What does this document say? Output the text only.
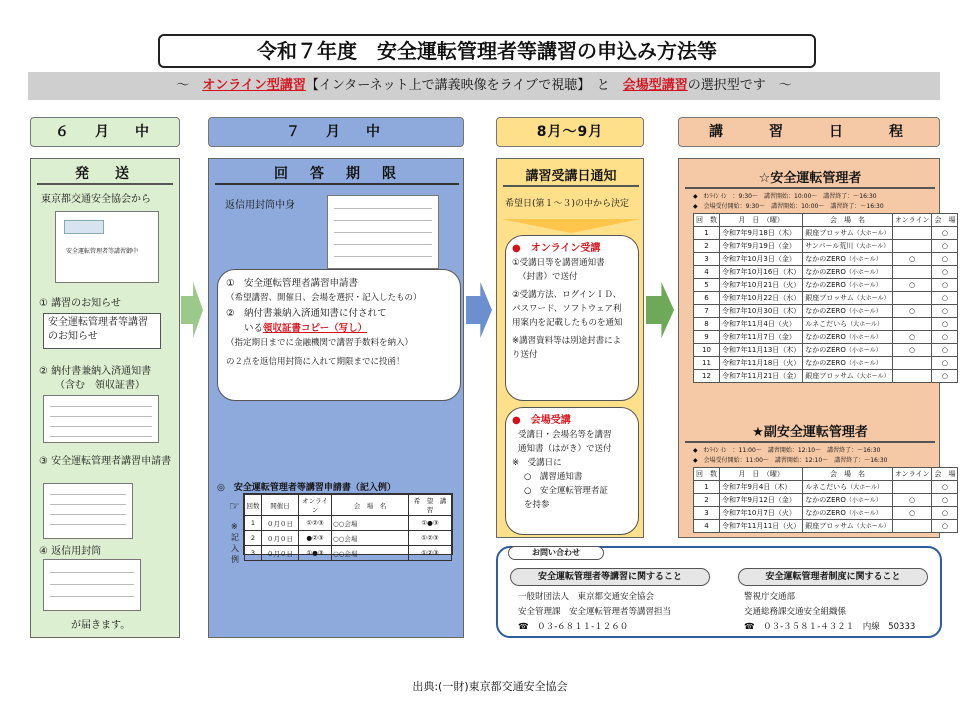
令和７年度　安全運転管理者等講習の申込み方法等
～　オンライン型講習【インターネット上で講義映像をライブで視聴】　と　会場型講習の選択型です　～
６　月　中	７　月　中	8月～9月	講　　習　　日　　程
発　送
東京都交通安全協会から
安全運転管理者等講習御中
① 講習のお知らせ
安全運転管理者等講習のお知らせ
② 納付書兼納入済通知書
（含む　領収証書）
③ 安全運転管理者講習申請書
④ 返信用封筒
が届きます。
回　答　期　限
返信用封筒中身
①　 安全運転管理者講習申請書
（希望講習、開催日、会場を選択・記入したもの）
②　 納付書兼納入済通知書に付されて
いる領収証書コピー（写し）
（指定期日までに金融機関で講習手数料を納入）
の２点を返信用封筒に入れて期限までに投函！
◎　安全運転管理者等講習申請書（記入例）
☞
※記入例
回数	開催日	オンライン	会　場　名	希　望　講　習
1	０月０日	①②③	○○会場	①●③
2	０月０日	●②③	○○会場	①②③
3	０月０日	①●③	○○会場	①②③
講習受講日通知
希望日(第１～３)の中から決定
●　オンライン受講
①受講日等を講習通知書
（封書）で送付
②受講方法、ログインＩＤ、
パスワード、ソフトウェア利
用案内を記載したものを通知
※講習資料等は別途封書によ
り送付
●　会場受講
受講日・会場名等を講習
通知書（はがき）で送付
※　受講日に
○　講習通知書
○　安全運転管理者証
を持参
☆安全運転管理者
◆　ｵﾝﾗｲﾝ ｲﾝ　：9:30～　講習開始：10:00～　講習終了：～16:30
◆　会場受付開始：9:30～　講習開始：10:00～　講習終了：～16:30
回　数	月　日　（曜）	会　場　名	オンライン	会　場
1	令和7年9月18日（木）	銀座ブロッサム（大ホール）		○
2	令和7年9月19日（金）	サンパール荒川（大ホール）		○
3	令和7年10月3日（金）	なかのZERO（小ホール）	○	○
4	令和7年10月16日（木）	なかのZERO（小ホール）		○
5	令和7年10月21日（火）	なかのZERO（小ホール）	○	○
6	令和7年10月22日（水）	銀座ブロッサム（大ホール）		○
7	令和7年10月30日（木）	なかのZERO（小ホール）	○	○
8	令和7年11月4日（火）	ルネこだいら（大ホール）		○
9	令和7年11月7日（金）	なかのZERO（小ホール）	○	○
10	令和7年11月13日（木）	なかのZERO（小ホール）	○	○
11	令和7年11月18日（火）	なかのZERO（小ホール）		○
12	令和7年11月21日（金）	銀座ブロッサム（大ホール）		○
★副安全運転管理者
◆　ｵﾝﾗｲﾝ ｲﾝ　：11:00～　講習開始：12:10～　講習終了：～16:30
◆　会場受付開始：11:00～　講習開始：12:10～　講習終了：～16:30
回　数	月　日　（曜）	会　場　名	オンライン	会　場
1	令和7年9月4日（木）	ルネこだいら（大ホール）		○
2	令和7年9月12日（金）	なかのZERO（小ホール）	○	○
3	令和7年10月7日（火）	なかのZERO（小ホール）	○	○
4	令和7年11月11日（火）	銀座ブロッサム（大ホール）		○
お問い合わせ
安全運転管理者等講習に関すること
一般財団法人　東京都交通安全協会
安全管理課　安全運転管理者等講習担当
☎　０３-６８１１-１２６０
安全運転管理者制度に関すること
警視庁交通部
交通総務課交通安全組織係
☎　０３-３５８１-４３２１　内線　50333
出典:(一財)東京都交通安全協会
